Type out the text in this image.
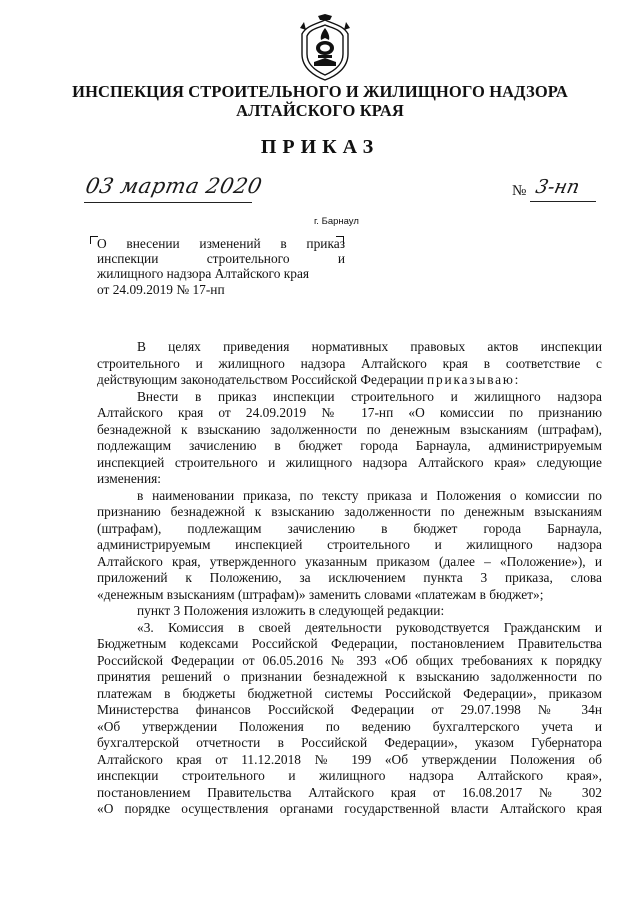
ИНСПЕКЦИЯ СТРОИТЕЛЬНОГО И ЖИЛИЩНОГО НАДЗОРА
АЛТАЙСКОГО КРАЯ
ПРИКАЗ
03 марта 2020	№ 3-нп
г. Барнаул
О внесении изменений в приказ
инспекции строительного и
жилищного надзора Алтайского края
от 24.09.2019 № 17-нп
В целях приведения нормативных правовых актов инспекции
строительного и жилищного надзора Алтайского края в соответствие с
действующим законодательством Российской Федерации приказываю:
Внести в приказ инспекции строительного и жилищного надзора
Алтайского края от 24.09.2019 № 17-нп «О комиссии по признанию
безнадежной к взысканию задолженности по денежным взысканиям (штрафам),
подлежащим зачислению в бюджет города Барнаула, администрируемым
инспекцией строительного и жилищного надзора Алтайского края» следующие
изменения:
в наименовании приказа, по тексту приказа и Положения о комиссии по
признанию безнадежной к взысканию задолженности по денежным взысканиям
(штрафам), подлежащим зачислению в бюджет города Барнаула,
администрируемым инспекцией строительного и жилищного надзора
Алтайского края, утвержденного указанным приказом (далее – «Положение»), и
приложений к Положению, за исключением пункта 3 приказа, слова
«денежным взысканиям (штрафам)» заменить словами «платежам в бюджет»;
пункт 3 Положения изложить в следующей редакции:
«3. Комиссия в своей деятельности руководствуется Гражданским и
Бюджетным кодексами Российской Федерации, постановлением Правительства
Российской Федерации от 06.05.2016 № 393 «Об общих требованиях к порядку
принятия решений о признании безнадежной к взысканию задолженности по
платежам в бюджеты бюджетной системы Российской Федерации», приказом
Министерства финансов Российской Федерации от 29.07.1998 № 34н
«Об утверждении Положения по ведению бухгалтерского учета и
бухгалтерской отчетности в Российской Федерации», указом Губернатора
Алтайского края от 11.12.2018 № 199 «Об утверждении Положения об
инспекции строительного и жилищного надзора Алтайского края»,
постановлением Правительства Алтайского края от 16.08.2017 № 302
«О порядке осуществления органами государственной власти Алтайского края
